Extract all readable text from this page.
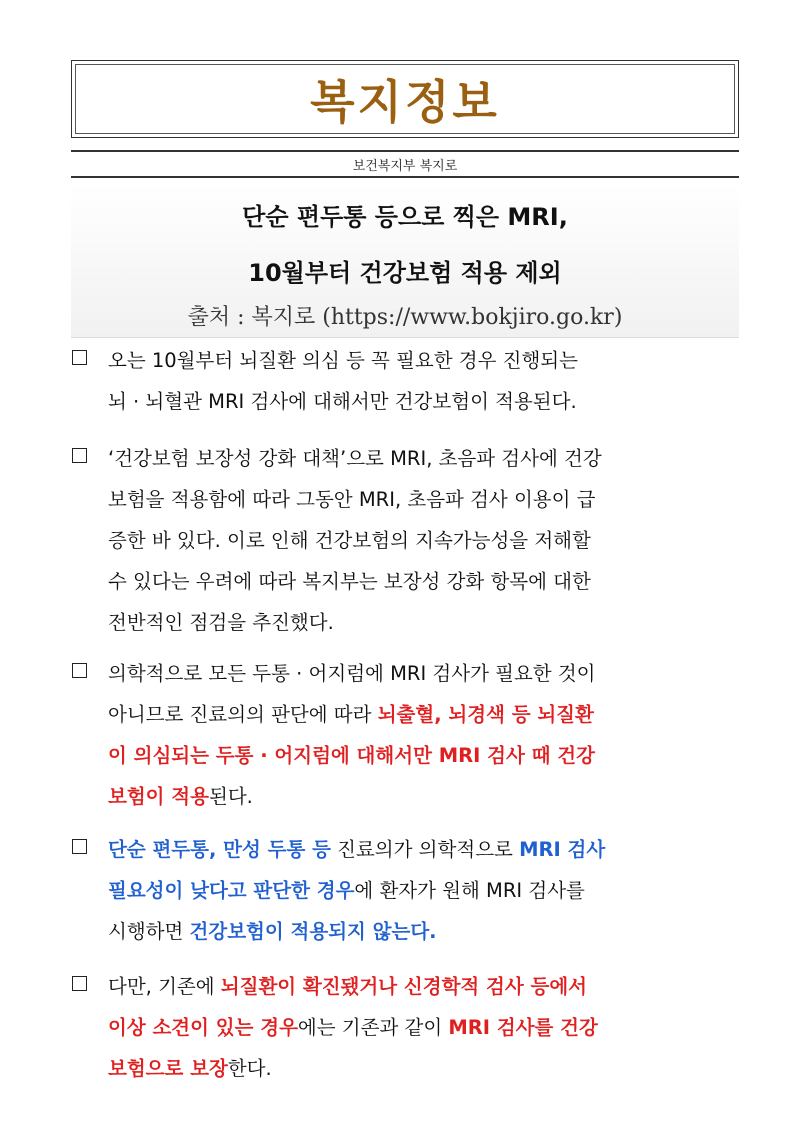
복지정보
보건복지부 복지로
단순 편두통 등으로 찍은 MRI,
10월부터 건강보험 적용 제외
출처 : 복지로 (https://www.bokjiro.go.kr)
오는 10월부터 뇌질환 의심 등 꼭 필요한 경우 진행되는
뇌 · 뇌혈관 MRI 검사에 대해서만 건강보험이 적용된다.
‘건강보험 보장성 강화 대책’으로 MRI, 초음파 검사에 건강
보험을 적용함에 따라 그동안 MRI, 초음파 검사 이용이 급
증한 바 있다. 이로 인해 건강보험의 지속가능성을 저해할
수 있다는 우려에 따라 복지부는 보장성 강화 항목에 대한
전반적인 점검을 추진했다.
의학적으로 모든 두통 · 어지럼에 MRI 검사가 필요한 것이
아니므로 진료의의 판단에 따라 뇌출혈, 뇌경색 등 뇌질환
이 의심되는 두통 · 어지럼에 대해서만 MRI 검사 때 건강
보험이 적용 된다.
단순 편두통, 만성 두통 등 진료의가 의학적으로 MRI 검사
필요성이 낮다고 판단한 경우 에 환자가 원해 MRI 검사를
시행하면 건강보험이 적용되지 않는다.
다만, 기존에 뇌질환이 확진됐거나 신경학적 검사 등에서
이상 소견이 있는 경우 에는 기존과 같이 MRI 검사를 건강
보험으로 보장 한다.
